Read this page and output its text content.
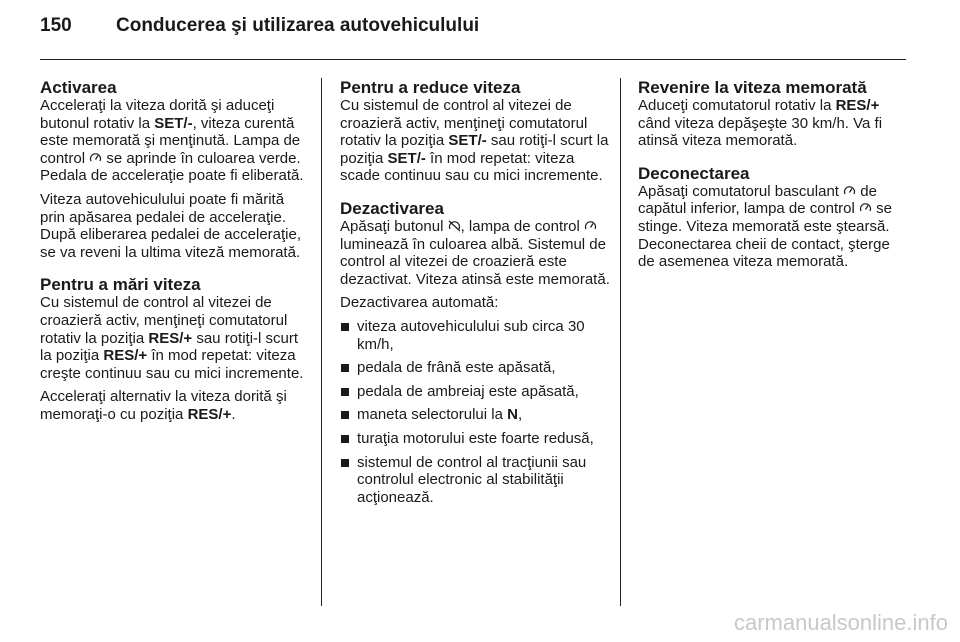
150 Conducerea şi utilizarea autovehiculului
Activarea

Acceleraţi la viteza dorită şi aduceţi butonul rotativ la SET/-, viteza curentă este memorată şi menţinută. Lampa de control
se aprinde în culoarea verde. Pedala de acceleraţie poate fi eliberată.

Viteza autovehiculului poate fi mărită prin apăsarea pedalei de acceleraţie. După eliberarea pedalei de acceleraţie, se va reveni la ultima viteză memorată.

Pentru a mări viteza

Cu sistemul de control al vitezei de croazieră activ, menţineţi comutatorul rotativ la poziţia RES/+ sau rotiţi-l scurt la poziţia RES/+ în mod repetat: viteza creşte continuu sau cu mici incremente.

Acceleraţi alternativ la viteza dorită şi memoraţi-o cu poziţia RES/+.

Pentru a reduce viteza

Cu sistemul de control al vitezei de croazieră activ, menţineţi comutatorul rotativ la poziţia SET/- sau rotiţi-l scurt la poziţia SET/- în mod repetat: viteza scade continuu sau cu mici incremente.

Dezactivarea

Apăsaţi butonul
, lampa de control
luminează în culoarea albă. Sistemul de control al vitezei de croazieră este dezactivat. Viteza atinsă este memorată.

Dezactivarea automată:

viteza autovehiculului sub circa 30 km/h,
pedala de frână este apăsată,
pedala de ambreiaj este apăsată,
maneta selectorului la N,
turaţia motorului este foarte redusă,
sistemul de control al tracţiunii sau controlul electronic al stabilităţii acţionează.
Revenire la viteza memorată

Aduceţi comutatorul rotativ la RES/+ când viteza depăşeşte 30 km/h. Va fi atinsă viteza memorată.

Deconectarea

Apăsaţi comutatorul basculant
de capătul inferior, lampa de control
se stinge. Viteza memorată este ştearsă. Deconectarea cheii de contact, şterge de asemenea viteza memorată.

carmanualsonline.info
